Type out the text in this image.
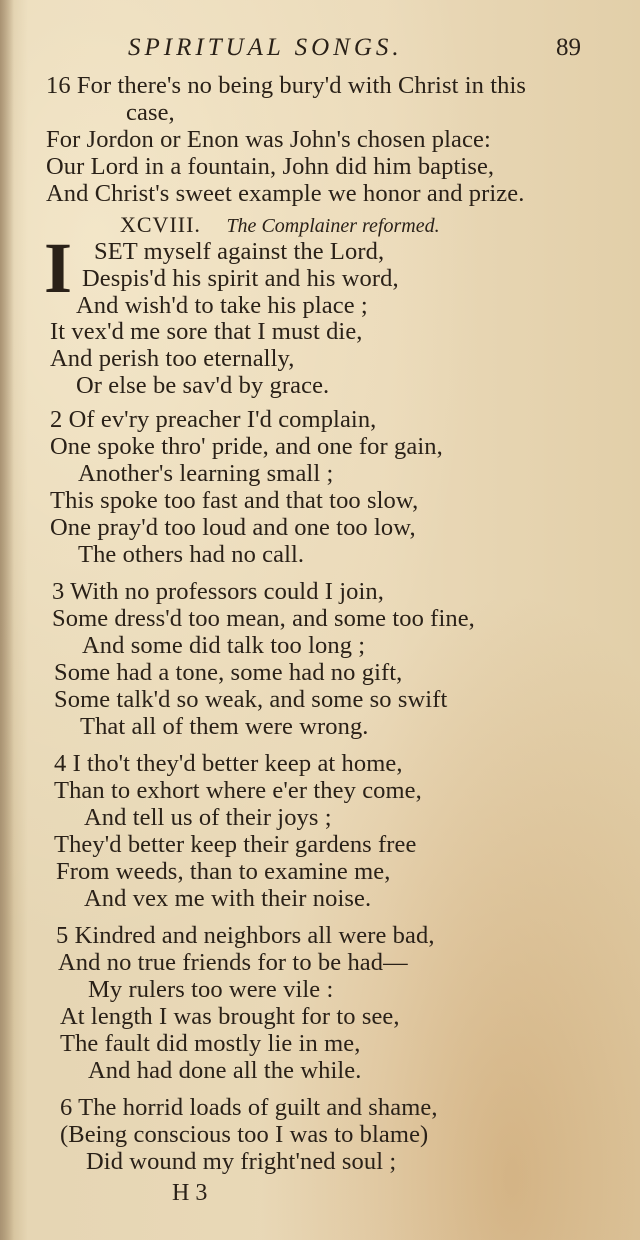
SPIRITUAL SONGS.	89
16 For there's no being bury'd with Christ in this
case,
For Jordon or Enon was John's chosen place:
Our Lord in a fountain, John did him baptise,
And Christ's sweet example we honor and prize.
XCVIII. The Complainer reformed.
I SET myself against the Lord,
Despis'd his spirit and his word,
And wish'd to take his place ;
It vex'd me sore that I must die,
And perish too eternally,
Or else be sav'd by grace.
2 Of ev'ry preacher I'd complain,
One spoke thro' pride, and one for gain,
Another's learning small ;
This spoke too fast and that too slow,
One pray'd too loud and one too low,
The others had no call.
3 With no professors could I join,
Some dress'd too mean, and some too fine,
And some did talk too long ;
Some had a tone, some had no gift,
Some talk'd so weak, and some so swift
That all of them were wrong.
4 I tho't they'd better keep at home,
Than to exhort where e'er they come,
And tell us of their joys ;
They'd better keep their gardens free
From weeds, than to examine me,
And vex me with their noise.
5 Kindred and neighbors all were bad,
And no true friends for to be had—
My rulers too were vile :
At length I was brought for to see,
The fault did mostly lie in me,
And had done all the while.
6 The horrid loads of guilt and shame,
(Being conscious too I was to blame)
Did wound my fright'ned soul ;
H 3
